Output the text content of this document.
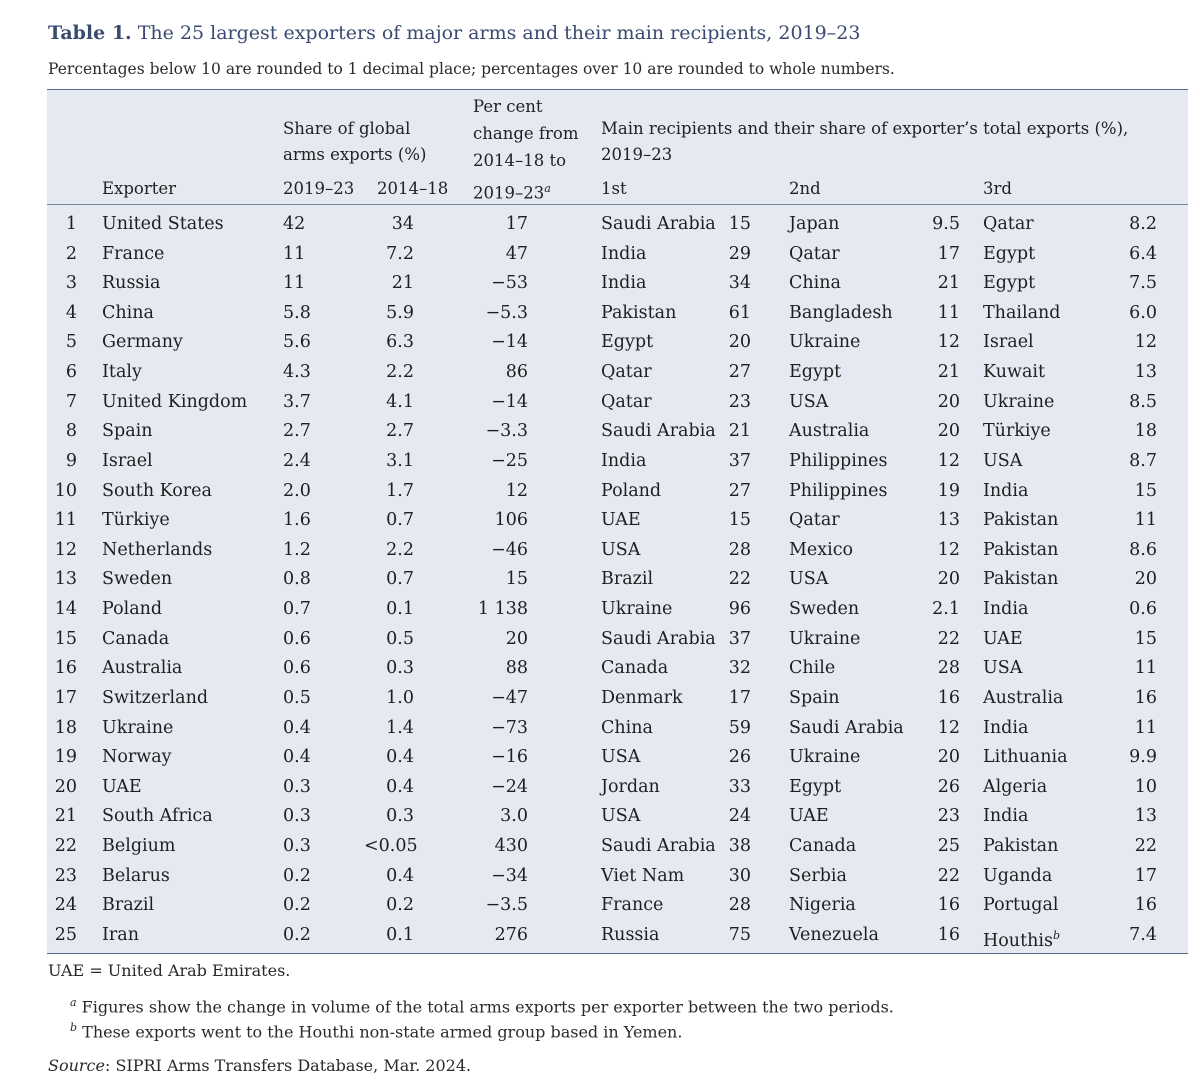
Table 1. The 25 largest exporters of major arms and their main recipients, 2019–23
Percentages below 10 are rounded to 1 decimal place; percentages over 10 are rounded to whole numbers.
Share of global
arms exports (%)
Per cent
change from
2014–18 to
2019–23$^a$
Main recipients and their share of exporter’s total exports (%),
2019–23
Exporter	2019–23 2014–18	1st	2nd	3rd
1 United States	42	34	17	Saudi Arabia 15 Japan	9.5 Qatar	8.2
2 France	11	7.2	47	India	29 Qatar	17 Egypt	6.4
3 Russia	11	21	−53	India	34 China	21 Egypt	7.5
4 China	5.8	5.9	−5.3	Pakistan	61 Bangladesh	11 Thailand	6.0
5 Germany	5.6	6.3	−14	Egypt	20 Ukraine	12 Israel	12
6 Italy	4.3	2.2	86	Qatar	27 Egypt	21 Kuwait	13
7 United Kingdom 3.7	4.1	−14	Qatar	23 USA	20 Ukraine	8.5
8 Spain	2.7	2.7	−3.3	Saudi Arabia 21 Australia	20 Türkiye	18
9 Israel	2.4	3.1	−25	India	37 Philippines	12 USA	8.7
10 South Korea	2.0	1.7	12	Poland	27 Philippines	19 India	15
11 Türkiye	1.6	0.7	106	UAE	15 Qatar	13 Pakistan	11
12 Netherlands	1.2	2.2	−46	USA	28 Mexico	12 Pakistan	8.6
13 Sweden	0.8	0.7	15	Brazil	22 USA	20 Pakistan	20
14 Poland	0.7	0.1	1 138	Ukraine	96 Sweden	2.1 India	0.6
15 Canada	0.6	0.5	20	Saudi Arabia 37 Ukraine	22 UAE	15
16 Australia	0.6	0.3	88	Canada	32 Chile	28 USA	11
17 Switzerland	0.5	1.0	−47	Denmark	17 Spain	16 Australia	16
18 Ukraine	0.4	1.4	−73	China	59 Saudi Arabia	12 India	11
19 Norway	0.4	0.4	−16	USA	26 Ukraine	20 Lithuania	9.9
20 UAE	0.3	0.4	−24	Jordan	33 Egypt	26 Algeria	10
21 South Africa	0.3	0.3	3.0	USA	24 UAE	23 India	13
22 Belgium	0.3	<0.05	430	Saudi Arabia 38 Canada	25 Pakistan	22
23 Belarus	0.2	0.4	−34	Viet Nam	30 Serbia	22 Uganda	17
24 Brazil	0.2	0.2	−3.5	France	28 Nigeria	16 Portugal	16
25 Iran	0.2	0.1	276	Russia	75 Venezuela	16 Houthis$^b$	7.4
UAE = United Arab Emirates.
$^a$ Figures show the change in volume of the total arms exports per exporter between the two periods.
$^b$ These exports went to the Houthi non-state armed group based in Yemen.
Source: SIPRI Arms Transfers Database, Mar. 2024.
